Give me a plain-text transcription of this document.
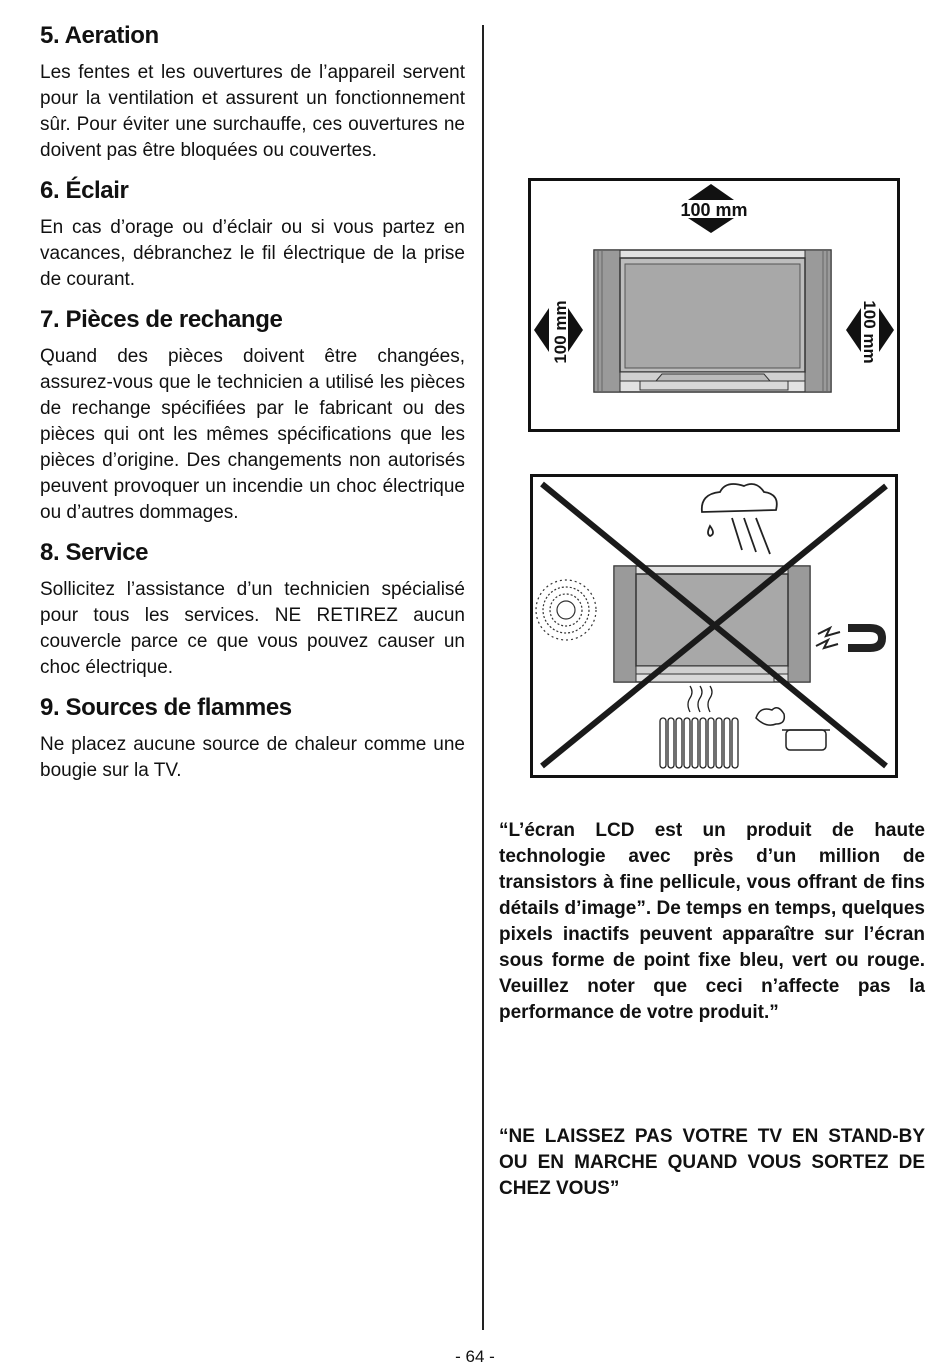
5. Aeration

Les fentes et les ouvertures de l’appareil servent pour la ventilation et assurent un fonctionnement sûr. Pour éviter une surchauffe, ces ouvertures ne doivent pas être bloquées ou couvertes.

6. Éclair

En cas d’orage ou d’éclair ou si vous partez en vacances, débranchez le fil électrique de la prise de courant.

7. Pièces de rechange

Quand des pièces doivent être changées, assurez-vous que le technicien a utilisé les pièces de rechange spécifiées par le fabricant ou des pièces qui ont les mêmes spécifications que les pièces d’origine. Des changements non autorisés peuvent provoquer un incendie un choc électrique ou d’autres dommages.

8. Service

Sollicitez l’assistance d’un technicien spécialisé pour tous les services. NE RETIREZ aucun couvercle parce ce que vous pouvez causer un choc électrique.

9. Sources de flammes

Ne placez aucune source de chaleur comme une bougie sur la TV.

100 mm
100 mm	100 mm

“L’écran LCD est un produit de haute technologie avec près d’un million de transistors à fine pellicule, vous offrant de fins détails d’image”. De temps en temps, quelques pixels inactifs peuvent apparaître sur l’écran sous forme de point fixe bleu, vert ou rouge. Veuillez noter que ceci n’affecte pas la performance de votre produit.”

“NE LAISSEZ PAS VOTRE TV EN STAND-BY OU EN MARCHE QUAND VOUS SORTEZ DE CHEZ VOUS”

- 64 -
